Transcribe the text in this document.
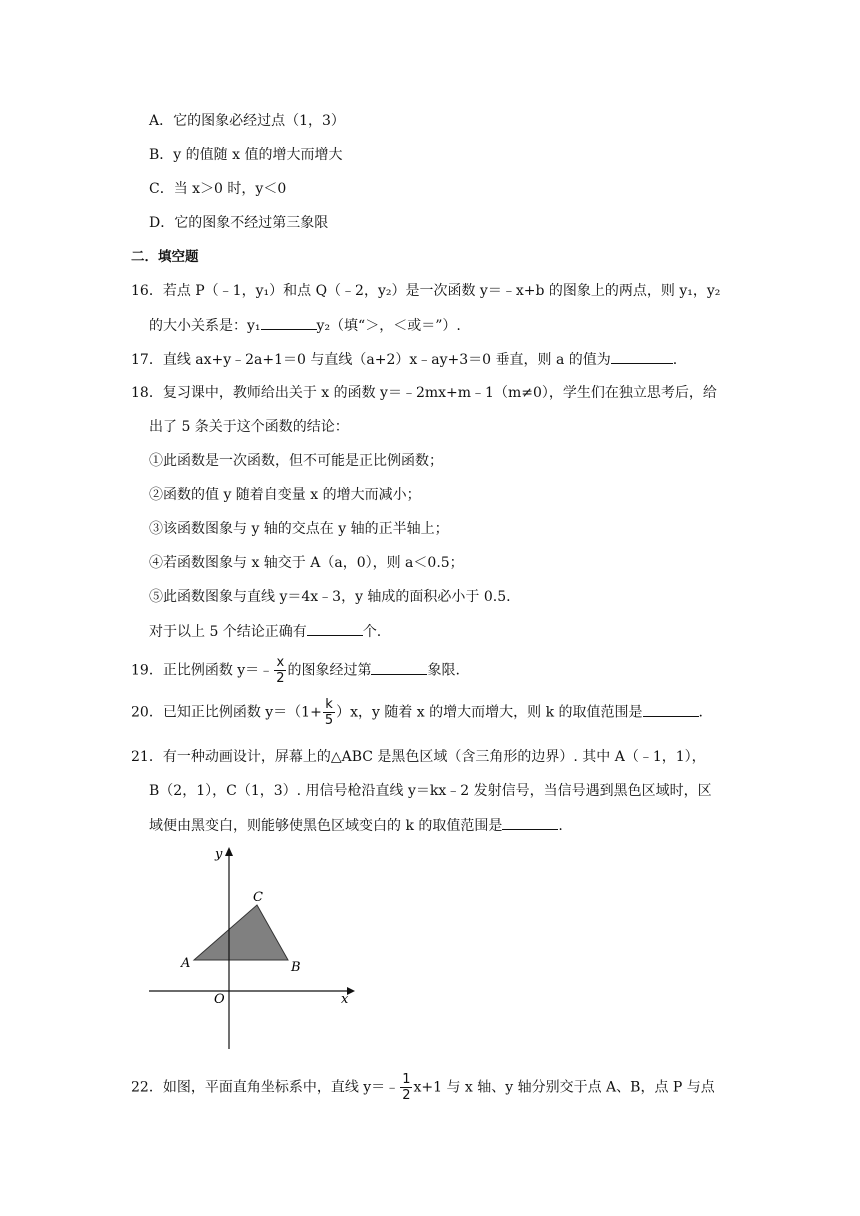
A．它的图象必经过点（1，3）
B．y 的值随 x 值的增大而增大
C．当 x＞0 时，y＜0
D．它的图象不经过第三象限
二．填空题
16．若点 P（﹣1，y₁）和点 Q（﹣2，y₂）是一次函数 y＝﹣x+b 的图象上的两点，则 y₁，y₂
的大小关系是：y₁	y₂（填“＞，＜或＝”）.
17．直线 ax+y﹣2a+1＝0 与直线（a+2）x﹣ay+3＝0 垂直，则 a 的值为	.
18．复习课中，教师给出关于 x 的函数 y＝﹣2mx+m﹣1（m≠0），学生们在独立思考后，给
出了 5 条关于这个函数的结论：
①此函数是一次函数，但不可能是正比例函数；
②函数的值 y 随着自变量 x 的增大而减小；
③该函数图象与 y 轴的交点在 y 轴的正半轴上；
④若函数图象与 x 轴交于 A（a，0），则 a＜0.5；
⑤此函数图象与直线 y＝4x﹣3，y 轴成的面积必小于 0.5.
对于以上 5 个结论正确有	个.
19．正比例函数 y＝﹣ $\frac{x}{2}$ 的图象经过第	象限.
20．已知正比例函数 $y=(1+ \frac{k}{5} )x$，y 随着 x 的增大而增大，则 k 的取值范围是	.
21．有一种动画设计，屏幕上的△ABC 是黑色区域（含三角形的边界）. 其中 A（﹣1，1），
B（2，1），C（1，3）. 用信号枪沿直线 y＝kx﹣2 发射信号，当信号遇到黑色区域时，区
域便由黑变白，则能够使黑色区域变白的 k 的取值范围是	.
x
y
O
A	B
C
22．如图，平面直角坐标系中，直线 y＝﹣ $\frac{1}{2} x+1$ 与 x 轴、y 轴分别交于点 A、B，点 P 与点
